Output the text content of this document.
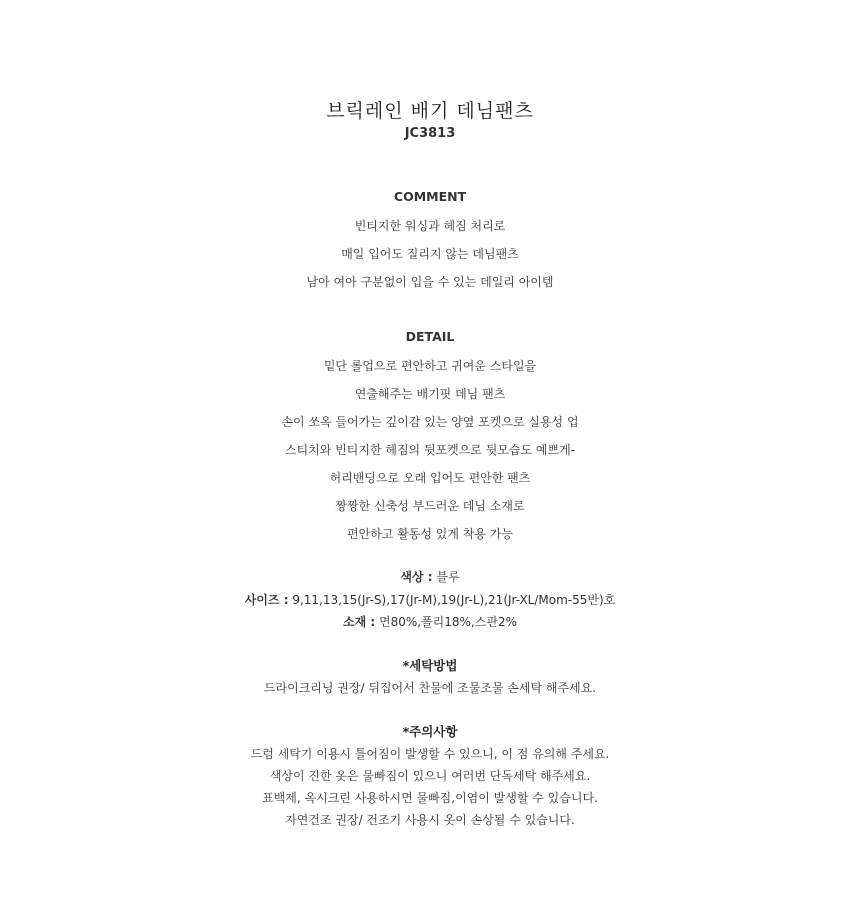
브릭레인 배기 데님팬츠
JC3813
COMMENT
빈티지한 워싱과 헤짐 처리로
매일 입어도 질리지 않는 데님팬츠
남아 여아 구분없이 입을 수 있는 데일리 아이템
DETAIL
밑단 롤업으로 편안하고 귀여운 스타일을
연출해주는 배기핏 데님 팬츠
손이 쏘옥 들어가는 깊이감 있는 양옆 포켓으로 실용성 업
스티치와 빈티지한 헤짐의 뒷포켓으로 뒷모습도 예쁘게-
허리밴딩으로 오래 입어도 편안한 팬츠
짱짱한 신축성 부드러운 데님 소재로
편안하고 활동성 있게 착용 가능
색상 : 블루
사이즈 : 9,11,13,15(Jr-S),17(Jr-M),19(Jr-L),21(Jr-XL/Mom-55반)호
소재 : 면80%,폴리18%,스판2%
*세탁방법
드라이크리닝 권장/ 뒤집어서 찬물에 조물조물 손세탁 해주세요.
*주의사항
드럼 세탁기 이용시 틀어짐이 발생할 수 있으니, 이 점 유의해 주세요.
색상이 진한 옷은 물빠짐이 있으니 여러번 단독세탁 해주세요.
표백제, 옥시크린 사용하시면 물빠짐,이염이 발생할 수 있습니다.
자연건조 권장/ 건조기 사용시 옷이 손상될 수 있습니다.
